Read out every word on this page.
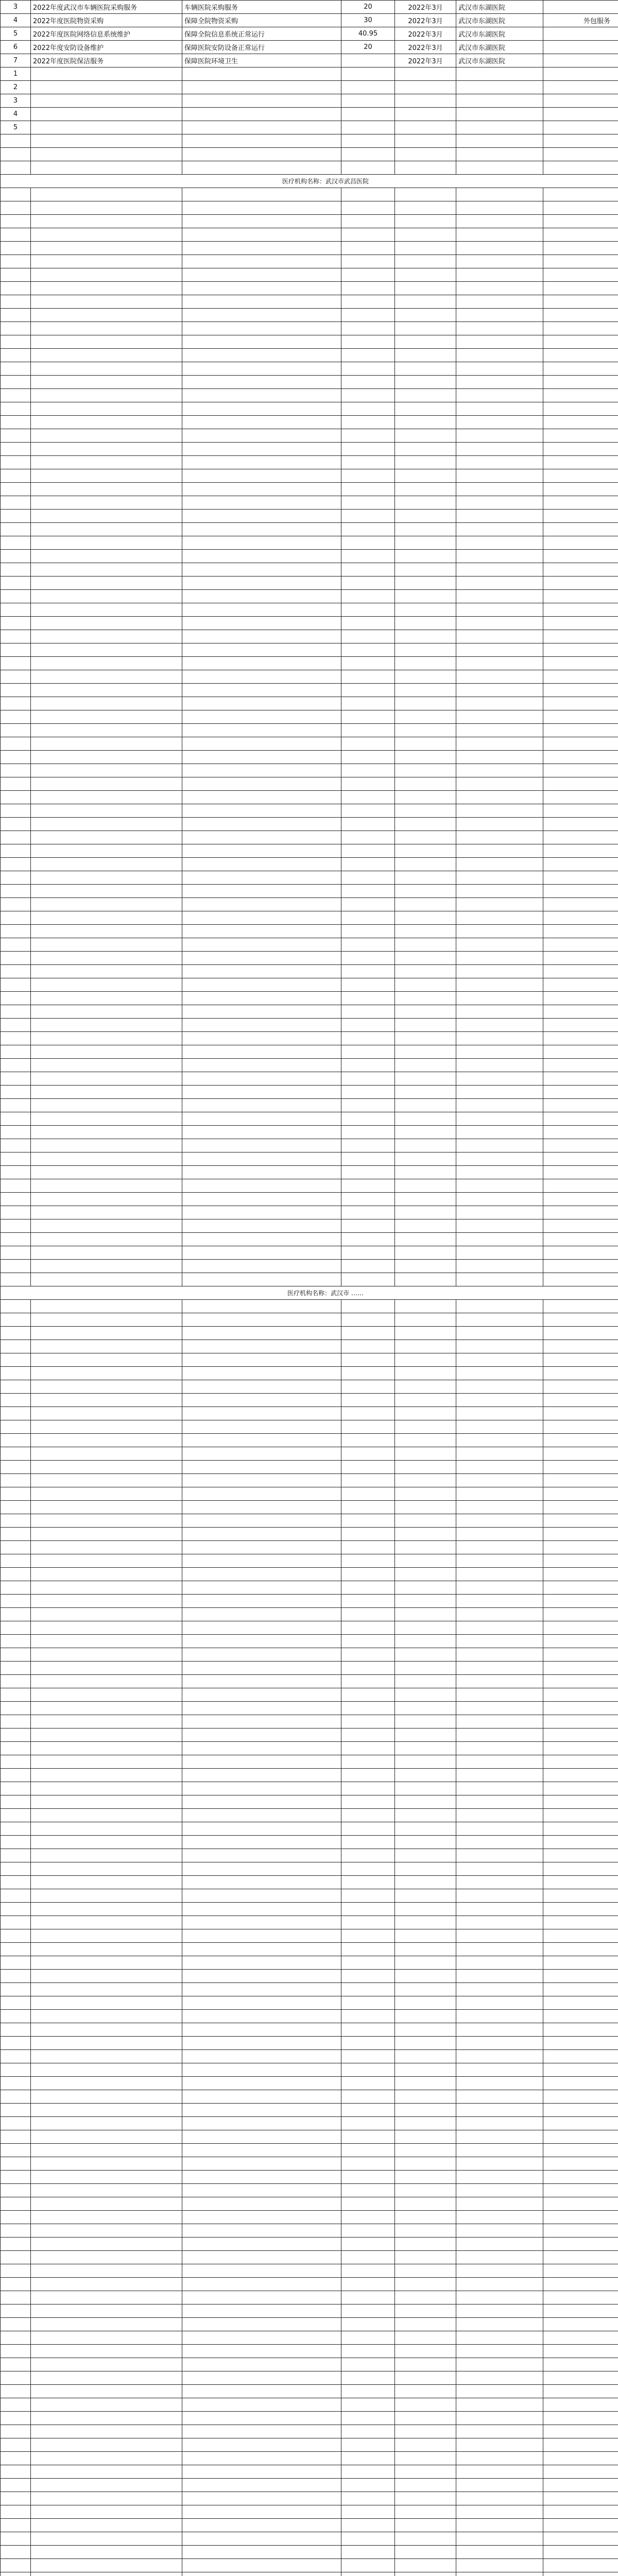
3	2022年度武汉市车辆医院采购服务	车辆医院采购服务	20	2022年3月	武汉市东湖医院	
4	2022年度医院物资采购	保障全院物资采购	30	2022年3月	武汉市东湖医院	外包服务
5	2022年度医院网络信息系统维护	保障全院信息系统正常运行	40.95	2022年3月	武汉市东湖医院	
6	2022年度安防设备维护	保障医院安防设备正常运行	20	2022年3月	武汉市东湖医院	
7	2022年度医院保洁服务	保障医院环境卫生		2022年3月	武汉市东湖医院	
1						
2						
3						
4						
5						

医疗机构名称：武汉市武昌医院						

医疗机构名称：武汉市 ……						
